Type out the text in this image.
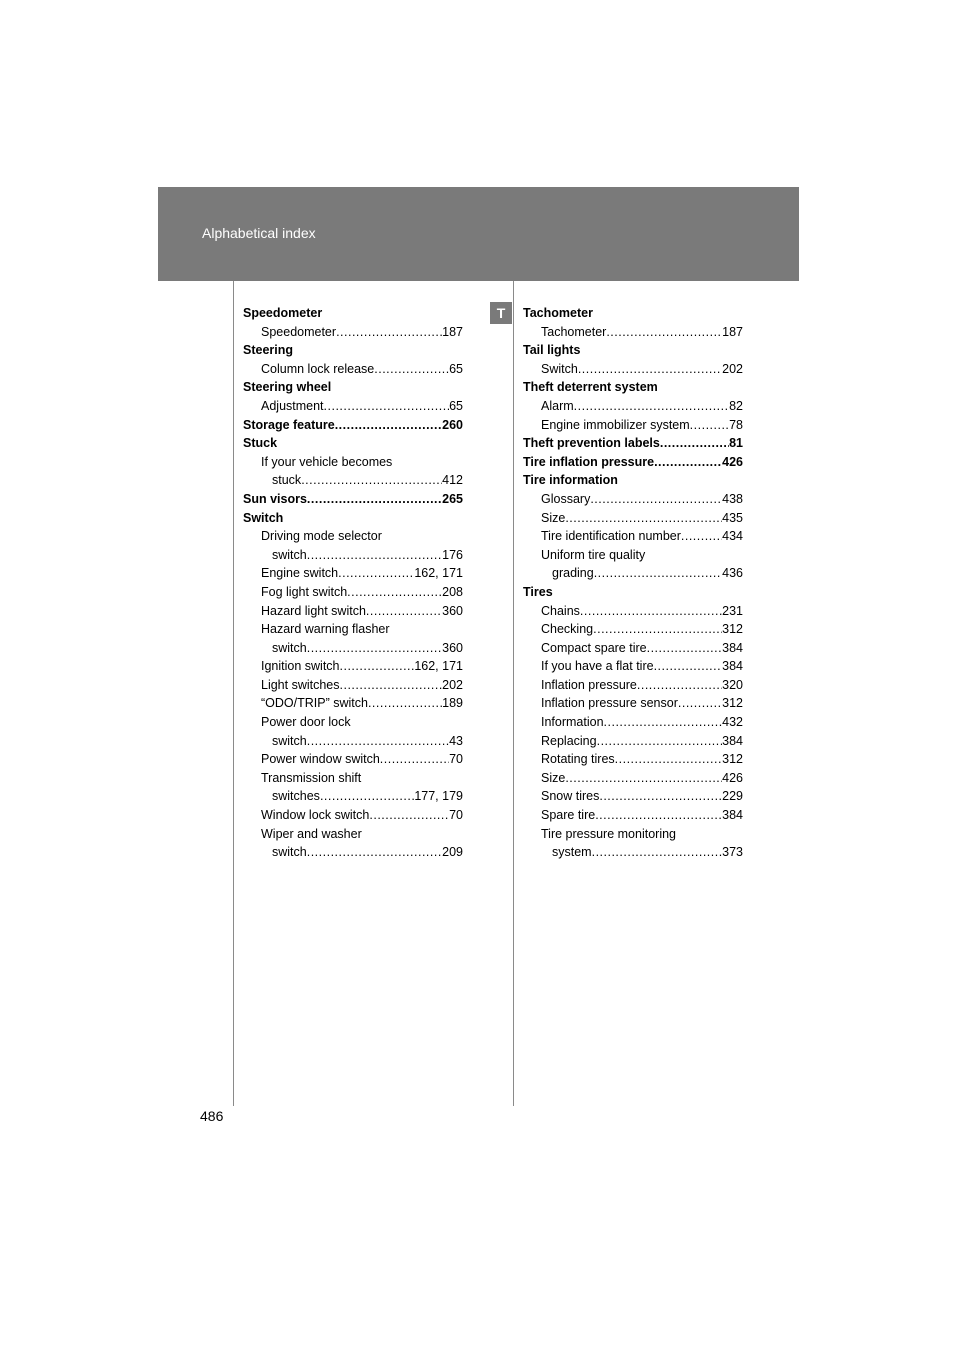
Alphabetical index
T
Speedometer
Speedometer .....	187
Steering
Column lock release .....	65
Steering wheel
Adjustment .....	65
Storage feature .....	260
Stuck
If your vehicle becomes
stuck .....	412
Sun visors .....	265
Switch
Driving mode selector
switch .....	176
Engine switch .....	162, 171
Fog light switch .....	208
Hazard light switch .....	360
Hazard warning flasher
switch .....	360
Ignition switch .....	162, 171
Light switches .....	202
“ODO/TRIP” switch .....	189
Power door lock
switch .....	43
Power window switch .....	70
Transmission shift
switches .....	177, 179
Window lock switch .....	70
Wiper and washer
switch .....	209
Tachometer
Tachometer .....	187
Tail lights
Switch .....	202
Theft deterrent system
Alarm .....	82
Engine immobilizer system .....	78
Theft prevention labels .....	81
Tire inflation pressure .....	426
Tire information
Glossary .....	438
Size .....	435
Tire identification number .....	434
Uniform tire quality
grading .....	436
Tires
Chains .....	231
Checking .....	312
Compact spare tire .....	384
If you have a flat tire .....	384
Inflation pressure .....	320
Inflation pressure sensor .....	312
Information .....	432
Replacing .....	384
Rotating tires .....	312
Size .....	426
Snow tires .....	229
Spare tire .....	384
Tire pressure monitoring
system .....	373
486
